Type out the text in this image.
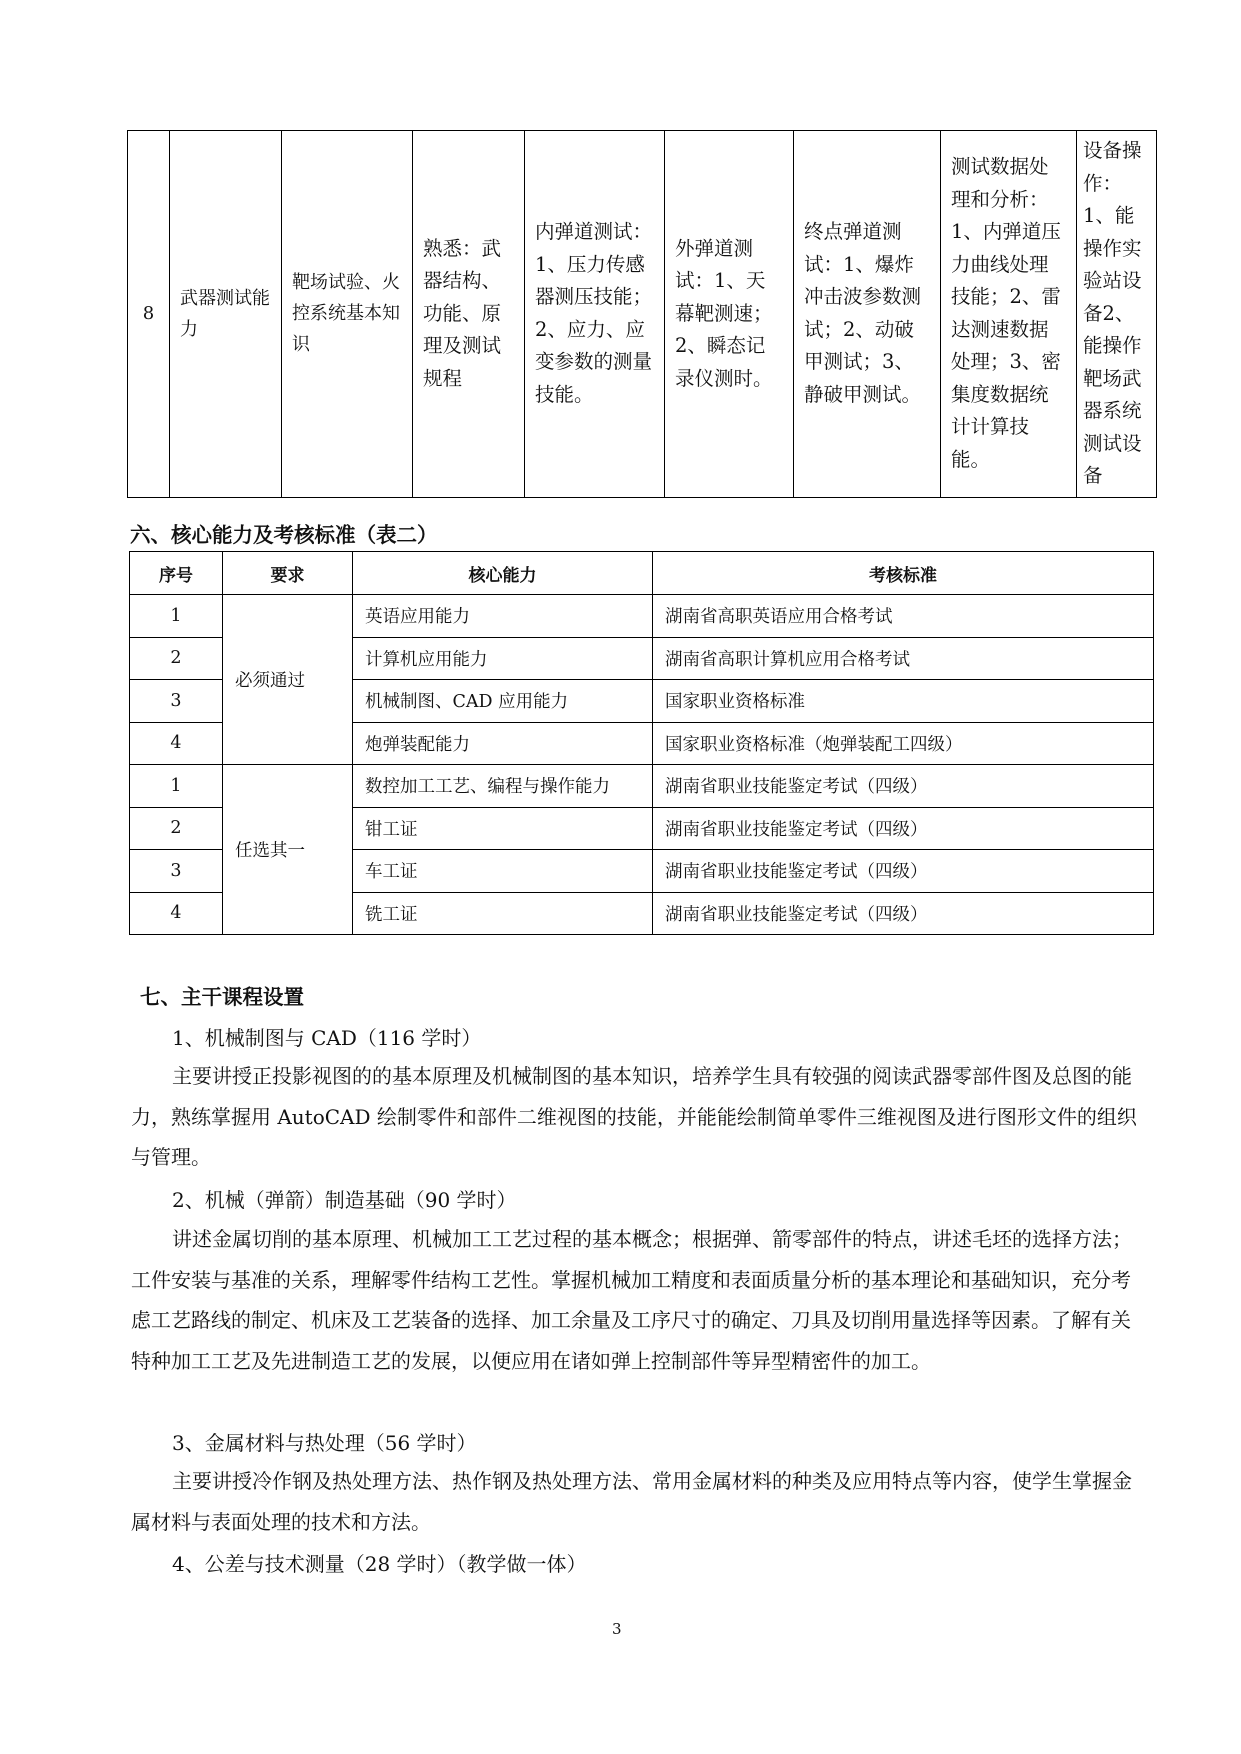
8	武器测试能力	靶场试验、火控系统基本知识	熟悉：武器结构、功能、原理及测试规程	内弹道测试：1、压力传感器测压技能；2、应力、应变参数的测量技能。	外弹道测试：1、天幕靶测速；2、瞬态记录仪测时。	终点弹道测试：1、爆炸冲击波参数测试；2、动破甲测试；3、静破甲测试。	测试数据处理和分析：1、内弹道压力曲线处理技能；2、雷达测速数据处理；3、密集度数据统计计算技能。	设备操作：1、能操作实验站设备2、能操作靶场武器系统测试设备
六、核心能力及考核标准（表二）
序号	要求	核心能力	考核标准
1	必须通过	英语应用能力	湖南省高职英语应用合格考试
2		计算机应用能力	湖南省高职计算机应用合格考试
3		机械制图、CAD 应用能力	国家职业资格标准
4		炮弹装配能力	国家职业资格标准（炮弹装配工四级）
1	任选其一	数控加工工艺、编程与操作能力	湖南省职业技能鉴定考试（四级）
2		钳工证	湖南省职业技能鉴定考试（四级）
3		车工证	湖南省职业技能鉴定考试（四级）
4		铣工证	湖南省职业技能鉴定考试（四级）
七、主干课程设置
1、机械制图与 CAD（116 学时）
主要讲授正投影视图的的基本原理及机械制图的基本知识，培养学生具有较强的阅读武器零部件图及总图的能力，熟练掌握用 AutoCAD 绘制零件和部件二维视图的技能，并能能绘制简单零件三维视图及进行图形文件的组织与管理。
2、机械（弹箭）制造基础（90 学时）
讲述金属切削的基本原理、机械加工工艺过程的基本概念；根据弹、箭零部件的特点，讲述毛坯的选择方法；工件安装与基准的关系，理解零件结构工艺性。掌握机械加工精度和表面质量分析的基本理论和基础知识，充分考虑工艺路线的制定、机床及工艺装备的选择、加工余量及工序尺寸的确定、刀具及切削用量选择等因素。了解有关特种加工工艺及先进制造工艺的发展，以便应用在诸如弹上控制部件等异型精密件的加工。
3、金属材料与热处理（56 学时）
主要讲授冷作钢及热处理方法、热作钢及热处理方法、常用金属材料的种类及应用特点等内容，使学生掌握金属材料与表面处理的技术和方法。
4、公差与技术测量（28 学时）（教学做一体）
3
